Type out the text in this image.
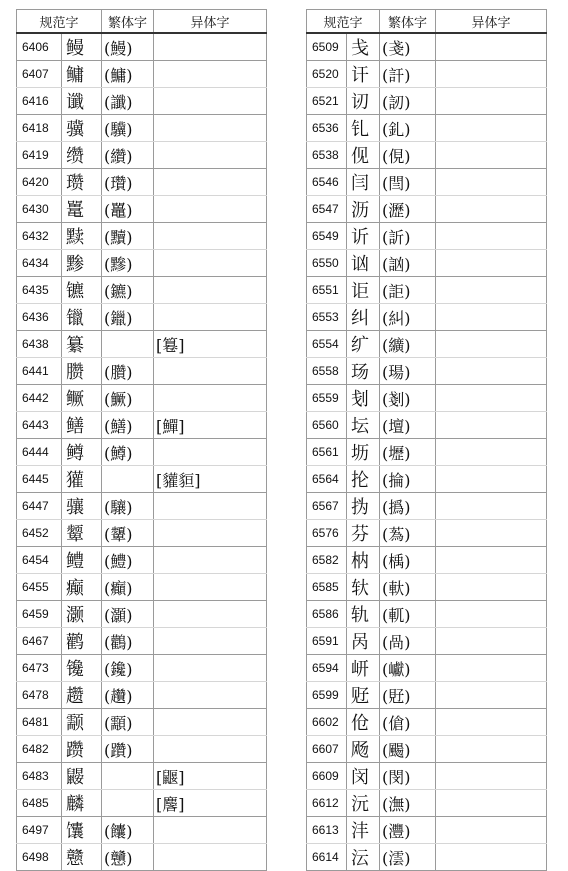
规范字		繁体字	异体字
6406	鳗	(鰻)	
6407	鳙	(鱅)	
6416	谶	(讖)	
6418	骥	(驥)	
6419	缵	(纘)	
6420	瓒	(瓚)	
6430	鼍	(鼉)	
6432	黩	(黷)	
6434	黪	(黲)	
6435	镳	(鑣)	
6436	镴	(鑞)	
6438	纂		[篹]
6441	臜	(臢)	
6442	鳜	(鱖)	
6443	鳝	(鱔)	[鱓]
6444	鳟	(鱒)	
6445	獾		[貛貆]
6447	骧	(驤)	
6452	颦	(顰)	
6454	鳢	(鱧)	
6455	癫	(癲)	
6459	灏	(灝)	
6467	鹳	(鸛)	
6473	镵	(鑱)	
6478	趱	(趲)	
6481	颥	(顬)	
6482	躜	(躦)	
6483	鼹		[鼴]
6485	麟		[麐]
6497	馕	(饢)	
6498	戆	(戇)	
规范字		繁体字	异体字
6509	戋	(戔)	
6520	讦	(訐)	
6521	讱	(訒)	
6536	钆	(釓)	
6538	伣	(俔)	
6546	闫	(閆)	
6547	沥	(瀝)	
6549	䜣	(訢)	
6550	讻	(訩)	
6551	讵	(詎)	
6553	纠	(糾)	
6554	纩	(纊)	
6558	玚	(瑒)	
6559	刬	(剗)	
6560	坛	(壇)	
6561	坜	(壢)	
6564	抡	(掄)	
6567	㧑	(撝)	
6576	芬	(蒍)	
6582	枘	(楀)	
6585	轪	(軑)	
6586	轨	(軏)	
6591	呙	(咼)	
6594	岍	(巘)	
6599	觃	(覎)	
6602	伧	(傖)	
6607	飏	(颺)	
6609	闵	(閔)	
6612	沅	(潕)	
6613	沣	(灃)	
6614	沄	(澐)	
